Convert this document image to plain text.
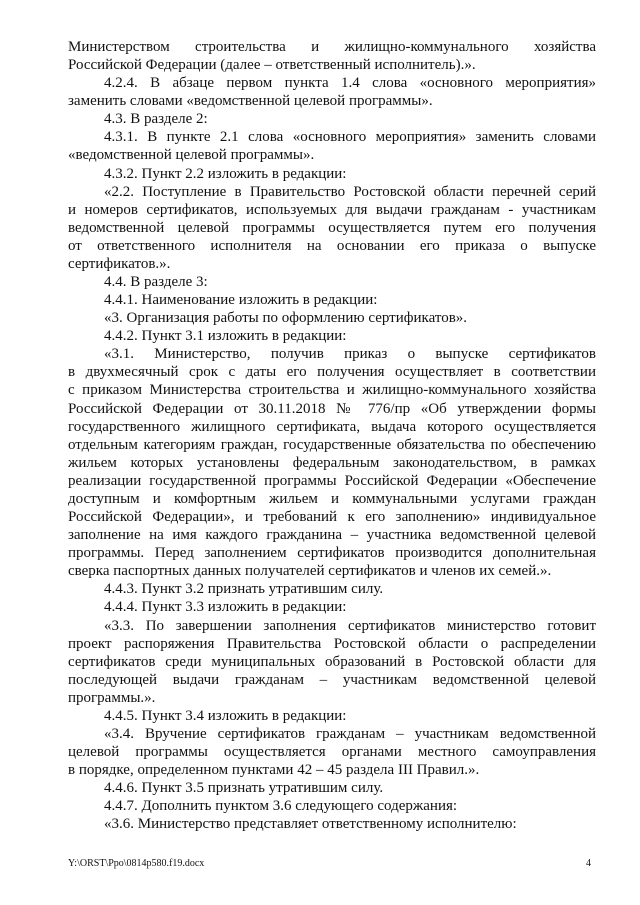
Министерством строительства и жилищно-коммунального хозяйства
Российской Федерации (далее – ответственный исполнитель).».
4.2.4. В абзаце первом пункта 1.4 слова «основного мероприятия»
заменить словами «ведомственной целевой программы».
4.3. В разделе 2:
4.3.1. В пункте 2.1 слова «основного мероприятия» заменить словами
«ведомственной целевой программы».
4.3.2. Пункт 2.2 изложить в редакции:
«2.2. Поступление в Правительство Ростовской области перечней серий
и номеров сертификатов, используемых для выдачи гражданам - участникам
ведомственной целевой программы осуществляется путем его получения
от ответственного исполнителя на основании его приказа о выпуске
сертификатов.».
4.4. В разделе 3:
4.4.1. Наименование изложить в редакции:
«3. Организация работы по оформлению сертификатов».
4.4.2. Пункт 3.1 изложить в редакции:
«3.1. Министерство, получив приказ о выпуске сертификатов
в двухмесячный срок с даты его получения осуществляет в соответствии
с приказом Министерства строительства и жилищно-коммунального хозяйства
Российской Федерации от 30.11.2018 № 776/пр «Об утверждении формы
государственного жилищного сертификата, выдача которого осуществляется
отдельным категориям граждан, государственные обязательства по обеспечению
жильем которых установлены федеральным законодательством, в рамках
реализации государственной программы Российской Федерации «Обеспечение
доступным и комфортным жильем и коммунальными услугами граждан
Российской Федерации», и требований к его заполнению» индивидуальное
заполнение на имя каждого гражданина – участника ведомственной целевой
программы. Перед заполнением сертификатов производится дополнительная
сверка паспортных данных получателей сертификатов и членов их семей.».
4.4.3. Пункт 3.2 признать утратившим силу.
4.4.4. Пункт 3.3 изложить в редакции:
«3.3. По завершении заполнения сертификатов министерство готовит
проект распоряжения Правительства Ростовской области о распределении
сертификатов среди муниципальных образований в Ростовской области для
последующей выдачи гражданам – участникам ведомственной целевой
программы.».
4.4.5. Пункт 3.4 изложить в редакции:
«3.4. Вручение сертификатов гражданам – участникам ведомственной
целевой программы осуществляется органами местного самоуправления
в порядке, определенном пунктами 42 – 45 раздела III Правил.».
4.4.6. Пункт 3.5 признать утратившим силу.
4.4.7. Дополнить пунктом 3.6 следующего содержания:
«3.6. Министерство представляет ответственному исполнителю:
Y:\ORST\Ppo\0814p580.f19.docx	4
